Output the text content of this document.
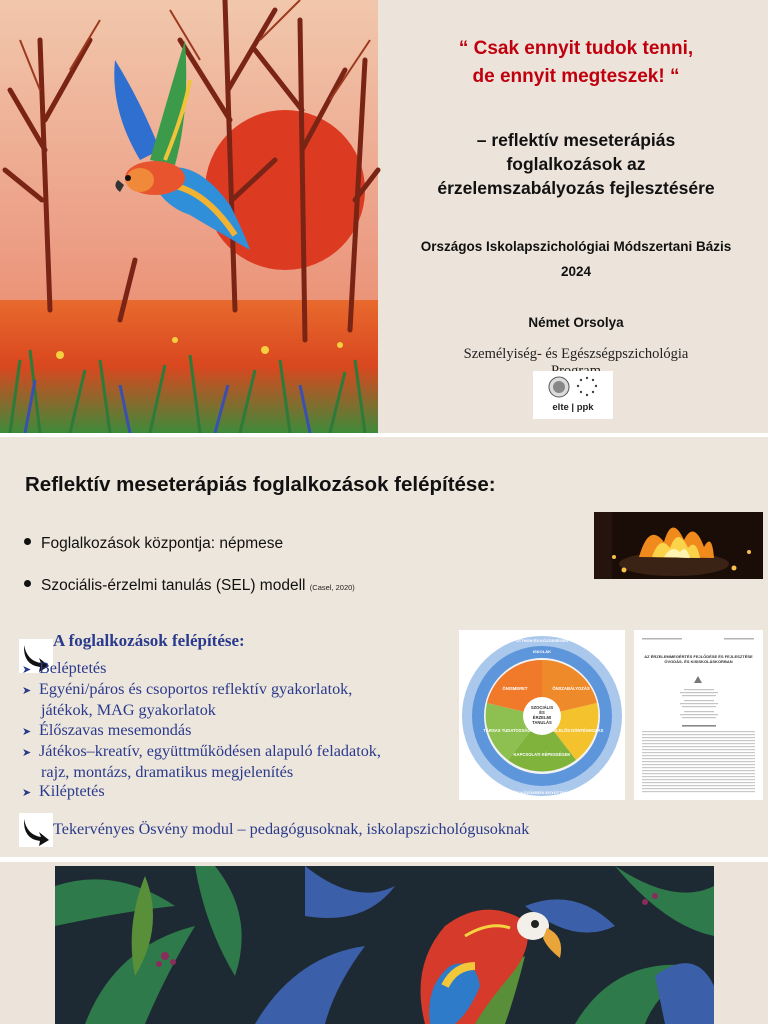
“ Csak ennyit tudok tenni,
de ennyit megteszek! “
– reflektív meseterápiás
foglalkozások az
érzelemszabályozás fejlesztésére
Országos Iskolapszichológiai Módszertani Bázis
2024
Német Orsolya
Személyiség- és Egészségpszichológia
elte | ppk
Reflektív meseterápiás foglalkozások felépítése:
Foglalkozások központja: népmese
Szociális-érzelmi tanulás (SEL) modell (Casel, 2020)
A foglalkozások felépítése:
➤ Beléptetés
➤ Egyéni/páros és csoportos reflektív gyakorlatok,
játékok, MAG gyakorlatok
➤ Élőszavas mesemondás
➤ Játékos–kreatív, együttműködésen alapuló feladatok,
rajz, montázs, dramatikus megjelenítés
➤ Kiléptetés
ÖNISMERET	ÖNSZABÁLYOZÁS
FELELŐS DÖNTÉSHOZÁS
KAPCSOLATI KÉPESSÉGEK
TÁRSAS TUDATOSSÁG
SZOCIÁLIS
ÉS
ÉRZELMI
TANULÁS
OTTHON ÉS KÖZÖSSÉGEK
ISKOLÁK
CSALÁD ÉS KÖZÖSSÉGI EGYÜTTMŰKÖDÉSEK
AZ ÉRZELEMMEGÉRTÉS FEJLŐDÉSE ÉS FEJLESZTÉSE ÓVODÁS- ÉS KISISKOLÁSKORBAN
Tekervényes Ösvény modul – pedagógusoknak, iskolapszichológusoknak
